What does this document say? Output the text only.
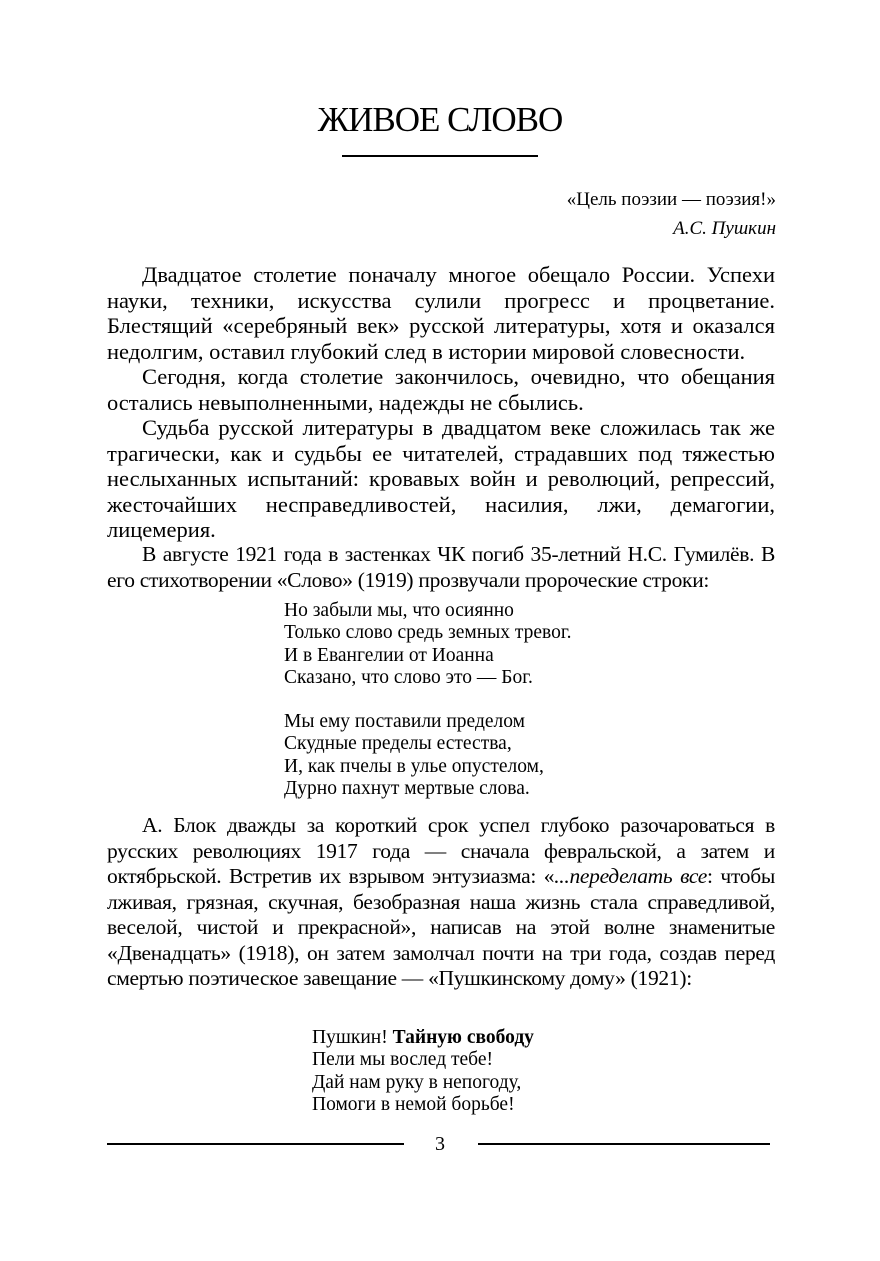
ЖИВОЕ СЛОВО
«Цель поэзии — поэзия!»
А.С. Пушкин

Двадцатое столетие поначалу многое обещало России. Успехи науки, техники, искусства сулили прогресс и процветание. Блестящий «серебряный век» русской литературы, хотя и оказался недолгим, оставил глубокий след в истории мировой словесности.

Сегодня, когда столетие закончилось, очевидно, что обещания остались невыполненными, надежды не сбылись.

Судьба русской литературы в двадцатом веке сложилась так же трагически, как и судьбы ее читателей, страдавших под тяжестью неслыханных испытаний: кровавых войн и революций, репрессий, жесточайших несправедливостей, насилия, лжи, демагогии, лицемерия.

В августе 1921 года в застенках ЧК погиб 35-летний Н.С. Гумилёв. В его стихотворении «Слово» (1919) прозвучали пророческие строки:

Но забыли мы, что осиянно
Только слово средь земных тревог.
И в Евангелии от Иоанна
Сказано, что слово это — Бог.
Мы ему поставили пределом
Скудные пределы естества,
И, как пчелы в улье опустелом,
Дурно пахнут мертвые слова.

А. Блок дважды за короткий срок успел глубоко разочароваться в русских революциях 1917 года — сначала февральской, а затем и октябрьской. Встретив их взрывом энтузиазма: «...переделать все: чтобы лживая, грязная, скучная, безобразная наша жизнь стала справедливой, веселой, чистой и прекрасной», написав на этой волне знаменитые «Двенадцать» (1918), он затем замолчал почти на три года, создав перед смертью поэтическое завещание — «Пушкинскому дому» (1921):

Пушкин! Тайную свободу
Пели мы вослед тебе!
Дай нам руку в непогоду,
Помоги в немой борьбе!
3
